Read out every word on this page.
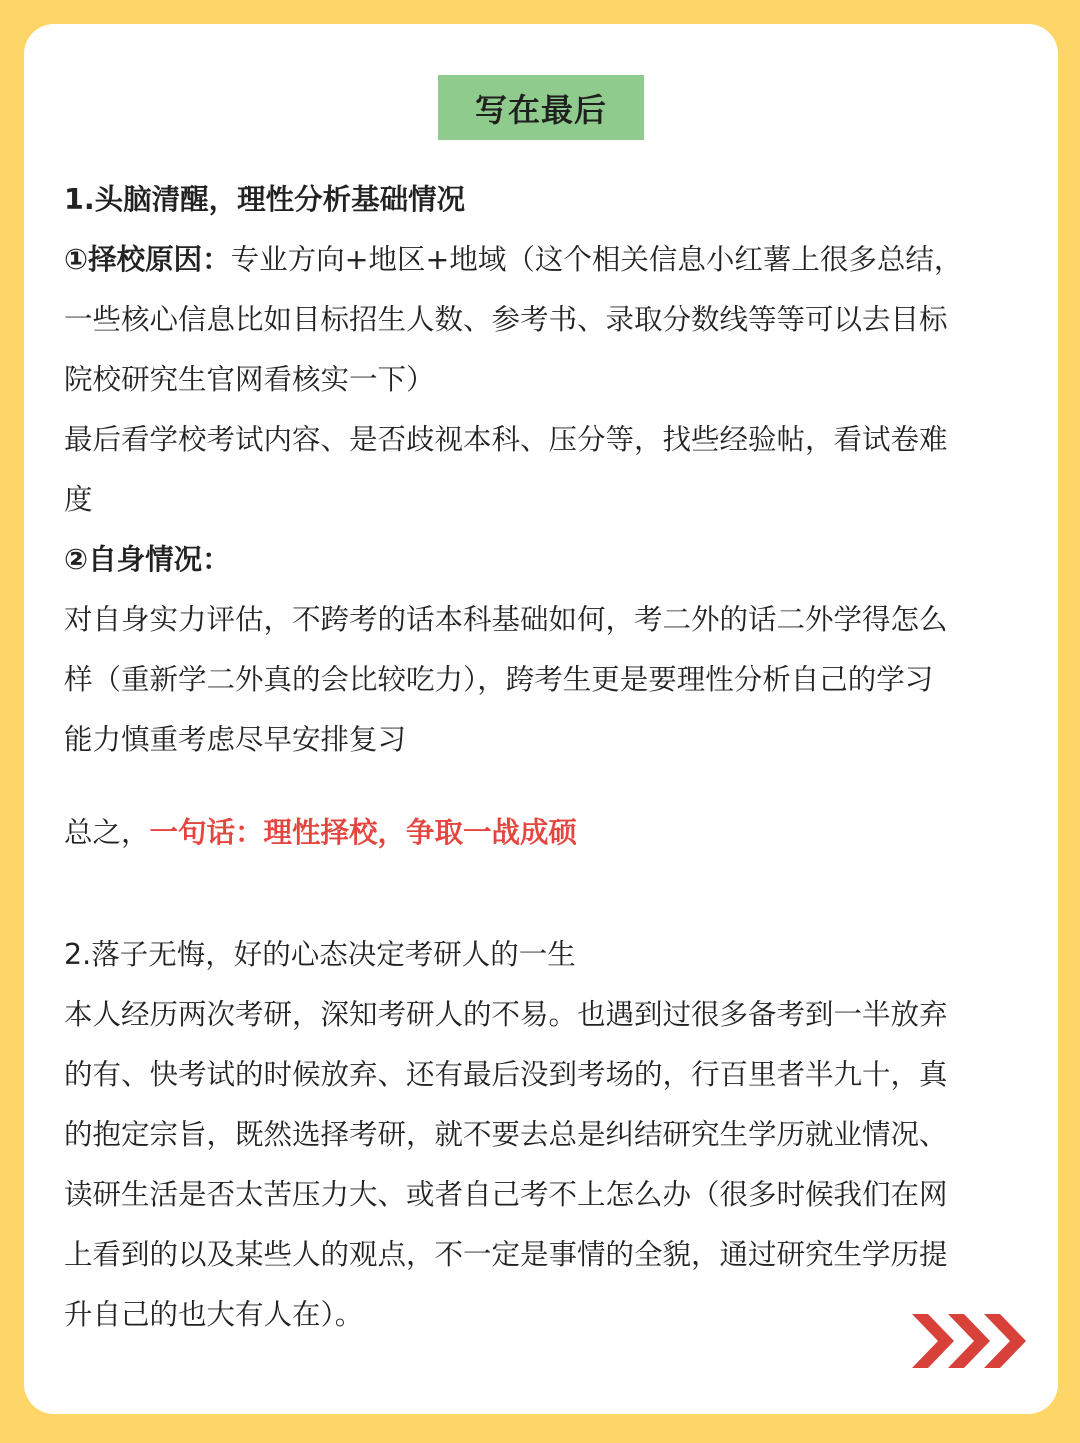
写在最后

1.头脑清醒，理性分析基础情况

①择校原因：专业方向+地区+地域（这个相关信息小红薯上很多总结，

一些核心信息比如目标招生人数、参考书、录取分数线等等可以去目标

院校研究生官网看核实一下）

最后看学校考试内容、是否歧视本科、压分等，找些经验帖，看试卷难

度

②自身情况：

对自身实力评估，不跨考的话本科基础如何，考二外的话二外学得怎么

样（重新学二外真的会比较吃力），跨考生更是要理性分析自己的学习

能力慎重考虑尽早安排复习

总之，一句话：理性择校，争取一战成硕

2.落子无悔，好的心态决定考研人的一生

本人经历两次考研，深知考研人的不易。也遇到过很多备考到一半放弃

的有、快考试的时候放弃、还有最后没到考场的，行百里者半九十，真

的抱定宗旨，既然选择考研，就不要去总是纠结研究生学历就业情况、

读研生活是否太苦压力大、或者自己考不上怎么办（很多时候我们在网

上看到的以及某些人的观点，不一定是事情的全貌，通过研究生学历提

升自己的也大有人在）。
